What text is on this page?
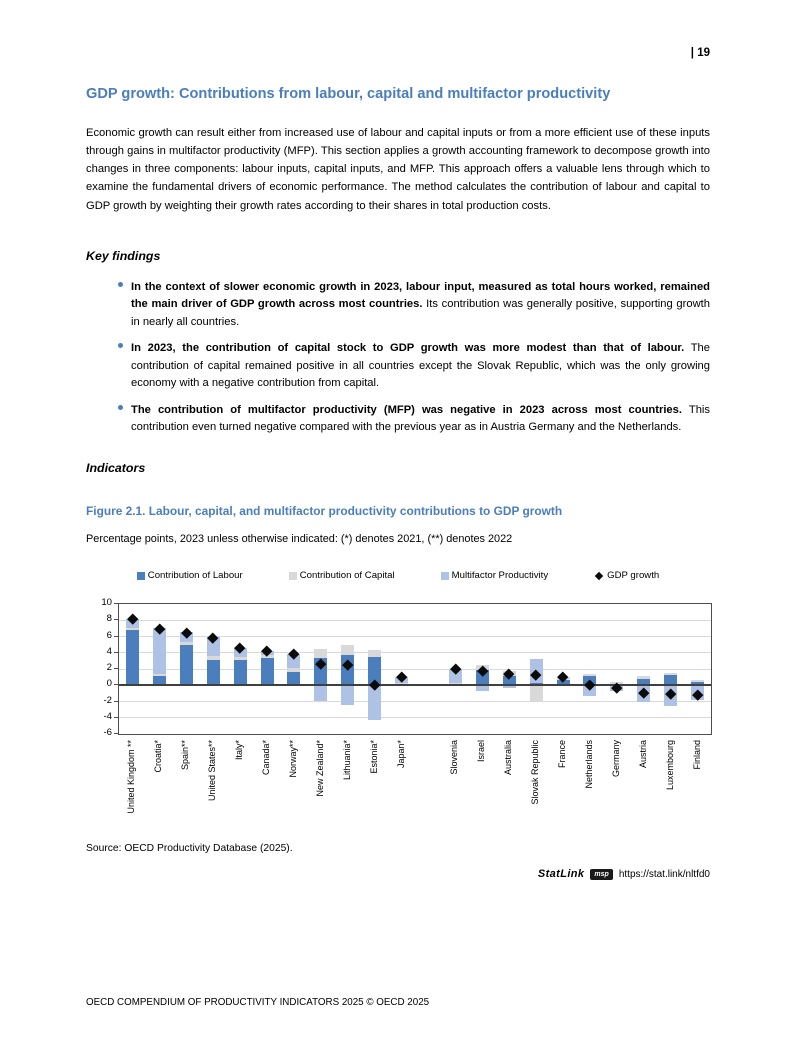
| 19
GDP growth: Contributions from labour, capital and multifactor productivity

Economic growth can result either from increased use of labour and capital inputs or from a more efficient use of these inputs through gains in multifactor productivity (MFP). This section applies a growth accounting framework to decompose growth into changes in three components: labour inputs, capital inputs, and MFP. This approach offers a valuable lens through which to examine the fundamental drivers of economic performance. The method calculates the contribution of labour and capital to GDP growth by weighting their growth rates according to their shares in total production costs.

Key findings
In the context of slower economic growth in 2023, labour input, measured as total hours worked, remained the main driver of GDP growth across most countries. Its contribution was generally positive, supporting growth in nearly all countries.
In 2023, the contribution of capital stock to GDP growth was more modest than that of labour. The contribution of capital remained positive in all countries except the Slovak Republic, which was the only growing economy with a negative contribution from capital.
The contribution of multifactor productivity (MFP) was negative in 2023 across most countries. This contribution even turned negative compared with the previous year as in Austria Germany and the Netherlands.
Indicators
Figure 2.1. Labour, capital, and multifactor productivity contributions to GDP growth
Percentage points, 2023 unless otherwise indicated: (*) denotes 2021, (**) denotes 2022
Contribution of Labour	Contribution of Capital	Multifactor Productivity	GDP growth
-6
-4
-2
0
2
4
6
8
10
United Kingdom ** Croatia* Spain** United States** Italy* Canada* Norway** New Zealand* Lithuania* Estonia* Japan*	Slovenia Israel Australia Slovak Republic France Netherlands Germany Austria Luxembourg Finland
Source: OECD Productivity Database (2025).
StatLink	msp	https://stat.link/nltfd0
OECD COMPENDIUM OF PRODUCTIVITY INDICATORS 2025 © OECD 2025
